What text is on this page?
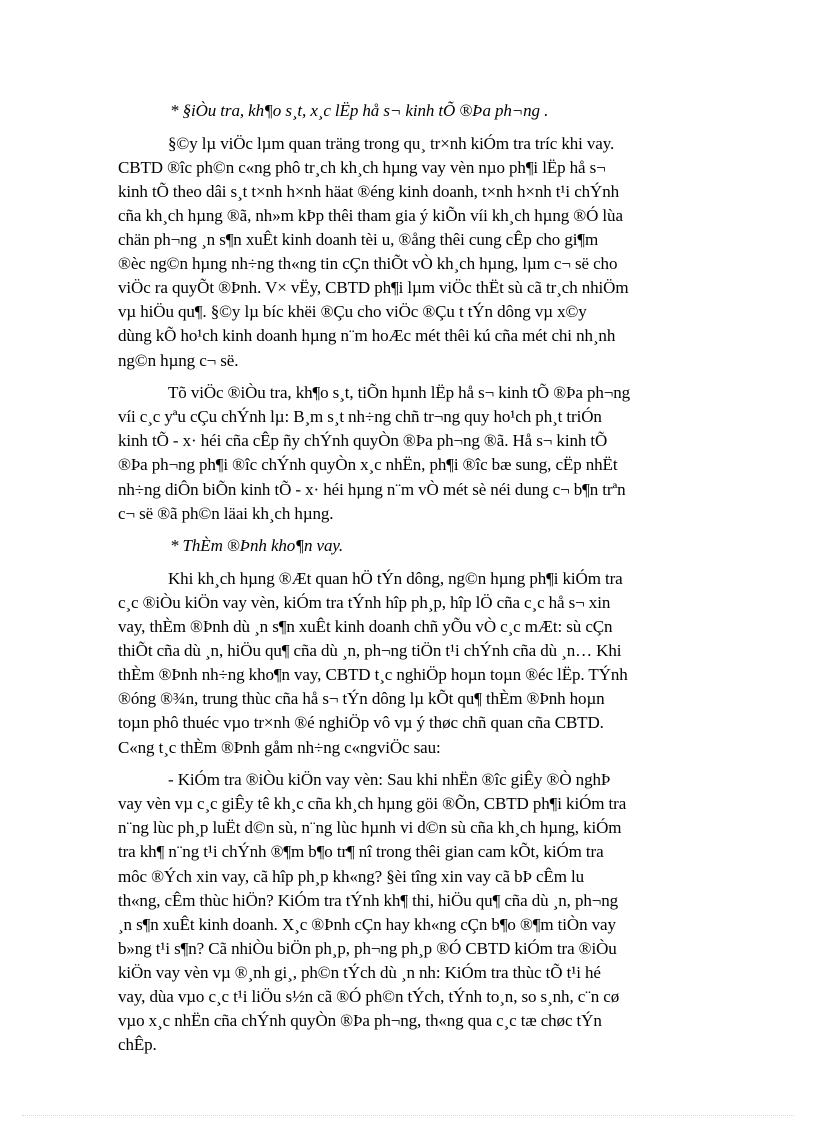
* §iÒu tra, kh¶o s¸t, x¸c lËp hå s¬ kinh tÕ ®Þa ph¬ng .
§©y lµ viÖc lµm quan träng trong qu¸ tr×nh kiÓm tra tríc khi vay.
CBTD ®îc ph©n c«ng phô tr¸ch kh¸ch hµng vay vèn nµo ph¶i lËp hå s¬
kinh tÕ theo dâi s¸t t×nh h×nh häat ®éng kinh doanh, t×nh h×nh t¹i chÝnh
cña kh¸ch hµng ®ã, nh»m kÞp thêi tham gia ý kiÕn víi kh¸ch hµng ®Ó lùa
chän ph¬ng ¸n s¶n xuÊt kinh doanh tèi u, ®ång thêi cung cÊp cho gi¶m
®èc ng©n hµng nh÷ng th«ng tin cÇn thiÕt vÒ kh¸ch hµng, lµm c¬ së cho
viÖc ra quyÕt ®Þnh. V× vËy, CBTD ph¶i lµm viÖc thËt sù cã tr¸ch nhiÖm
vµ hiÖu qu¶. §©y lµ bíc khëi ®Çu cho viÖc ®Çu t tÝn dông vµ x©y
dùng kÕ ho¹ch kinh doanh hµng n¨m hoÆc mét thêi kú cña mét chi nh¸nh
ng©n hµng c¬ së.
Tõ viÖc ®iÒu tra, kh¶o s¸t, tiÕn hµnh lËp hå s¬ kinh tÕ ®Þa ph¬ng
víi c¸c yªu cÇu chÝnh lµ: B¸m s¸t nh÷ng chñ tr¬ng quy ho¹ch ph¸t triÓn
kinh tÕ - x· héi cña cÊp ñy chÝnh quyÒn ®Þa ph¬ng ®ã. Hå s¬ kinh tÕ
®Þa ph¬ng ph¶i ®îc chÝnh quyÒn x¸c nhËn, ph¶i ®îc bæ sung, cËp nhËt
nh÷ng diÔn biÕn kinh tÕ - x· héi hµng n¨m vÒ mét sè néi dung c¬ b¶n trªn
c¬ së ®ã ph©n läai kh¸ch hµng.
* ThÈm ®Þnh kho¶n vay.
Khi kh¸ch hµng ®Æt quan hÖ tÝn dông, ng©n hµng ph¶i kiÓm tra
c¸c ®iÒu kiÖn vay vèn, kiÓm tra tÝnh hîp ph¸p, hîp lÖ cña c¸c hå s¬ xin
vay, thÈm ®Þnh dù ¸n s¶n xuÊt kinh doanh chñ yÕu vÒ c¸c mÆt: sù cÇn
thiÕt cña dù ¸n, hiÖu qu¶ cña dù ¸n, ph¬ng tiÖn t¹i chÝnh cña dù ¸n… Khi
thÈm ®Þnh nh÷ng kho¶n vay, CBTD t¸c nghiÖp hoµn toµn ®éc lËp. TÝnh
®óng ®¾n, trung thùc cña hå s¬ tÝn dông lµ kÕt qu¶ thÈm ®Þnh hoµn
toµn phô thuéc vµo tr×nh ®é nghiÖp vô vµ ý thøc chñ quan cña CBTD.
C«ng t¸c thÈm ®Þnh gåm nh÷ng c«ngviÖc sau:
- KiÓm tra ®iÒu kiÖn vay vèn: Sau khi nhËn ®îc giÊy ®Ò nghÞ
vay vèn vµ c¸c giÊy tê kh¸c cña kh¸ch hµng göi ®Õn, CBTD ph¶i kiÓm tra
n¨ng lùc ph¸p luËt d©n sù, n¨ng lùc hµnh vi d©n sù cña kh¸ch hµng, kiÓm
tra kh¶ n¨ng t¹i chÝnh ®¶m b¶o tr¶ nî trong thêi gian cam kÕt, kiÓm tra
môc ®Ých xin vay, cã hîp ph¸p kh«ng? §èi tîng xin vay cã bÞ cÊm lu
th«ng, cÊm thùc hiÖn? KiÓm tra tÝnh kh¶ thi, hiÖu qu¶ cña dù ¸n, ph¬ng
¸n s¶n xuÊt kinh doanh. X¸c ®Þnh cÇn hay kh«ng cÇn b¶o ®¶m tiÒn vay
b»ng t¹i s¶n? Cã nhiÒu biÖn ph¸p, ph¬ng ph¸p ®Ó CBTD kiÓm tra ®iÒu
kiÖn vay vèn vµ ®¸nh gi¸, ph©n tÝch dù ¸n nh: KiÓm tra thùc tÕ t¹i hé
vay, dùa vµo c¸c t¹i liÖu s½n cã ®Ó ph©n tÝch, tÝnh to¸n, so s¸nh, c¨n cø
vµo x¸c nhËn cña chÝnh quyÒn ®Þa ph¬ng, th«ng qua c¸c tæ chøc tÝn
chÊp.
